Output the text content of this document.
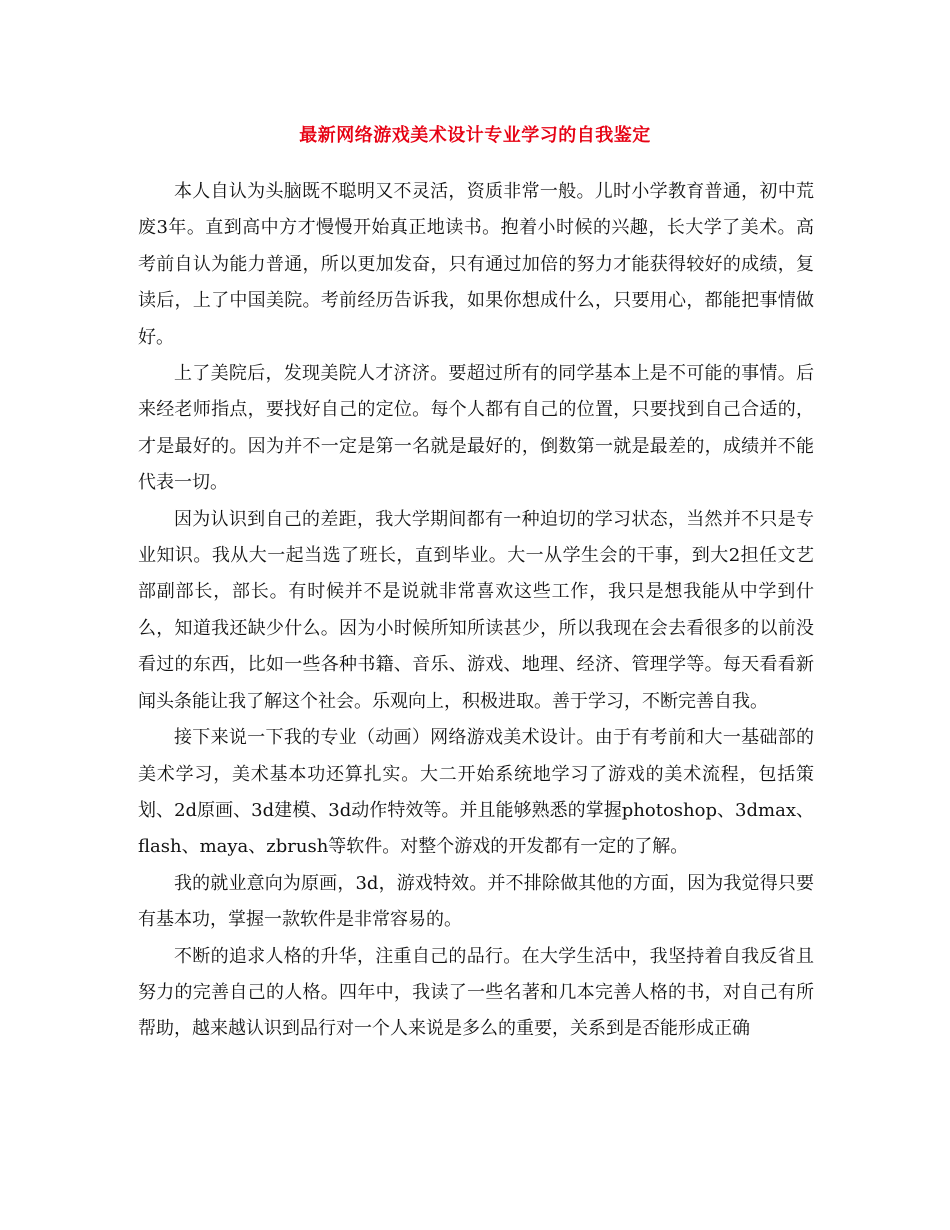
最新网络游戏美术设计专业学习的自我鉴定

本人自认为头脑既不聪明又不灵活，资质非常一般。儿时小学教育普通，初中荒废3年。直到高中方才慢慢开始真正地读书。抱着小时候的兴趣，长大学了美术。高考前自认为能力普通，所以更加发奋，只有通过加倍的努力才能获得较好的成绩，复读后，上了中国美院。考前经历告诉我，如果你想成什么，只要用心，都能把事情做好。

上了美院后，发现美院人才济济。要超过所有的同学基本上是不可能的事情。后来经老师指点，要找好自己的定位。每个人都有自己的位置，只要找到自己合适的，才是最好的。因为并不一定是第一名就是最好的，倒数第一就是最差的，成绩并不能代表一切。

因为认识到自己的差距，我大学期间都有一种迫切的学习状态，当然并不只是专业知识。我从大一起当选了班长，直到毕业。大一从学生会的干事，到大2担任文艺部副部长，部长。有时候并不是说就非常喜欢这些工作，我只是想我能从中学到什么，知道我还缺少什么。因为小时候所知所读甚少，所以我现在会去看很多的以前没看过的东西，比如一些各种书籍、音乐、游戏、地理、经济、管理学等。每天看看新闻头条能让我了解这个社会。乐观向上，积极进取。善于学习，不断完善自我。

接下来说一下我的专业（动画）网络游戏美术设计。由于有考前和大一基础部的美术学习，美术基本功还算扎实。大二开始系统地学习了游戏的美术流程，包括策划、2d原画、3d建模、3d动作特效等。并且能够熟悉的掌握photoshop、3dmax、flash、maya、zbrush等软件。对整个游戏的开发都有一定的了解。

我的就业意向为原画，3d，游戏特效。并不排除做其他的方面，因为我觉得只要有基本功，掌握一款软件是非常容易的。

不断的追求人格的升华，注重自己的品行。在大学生活中，我坚持着自我反省且努力的完善自己的人格。四年中，我读了一些名著和几本完善人格的书，对自己有所帮助，越来越认识到品行对一个人来说是多么的重要，关系到是否能形成正确
